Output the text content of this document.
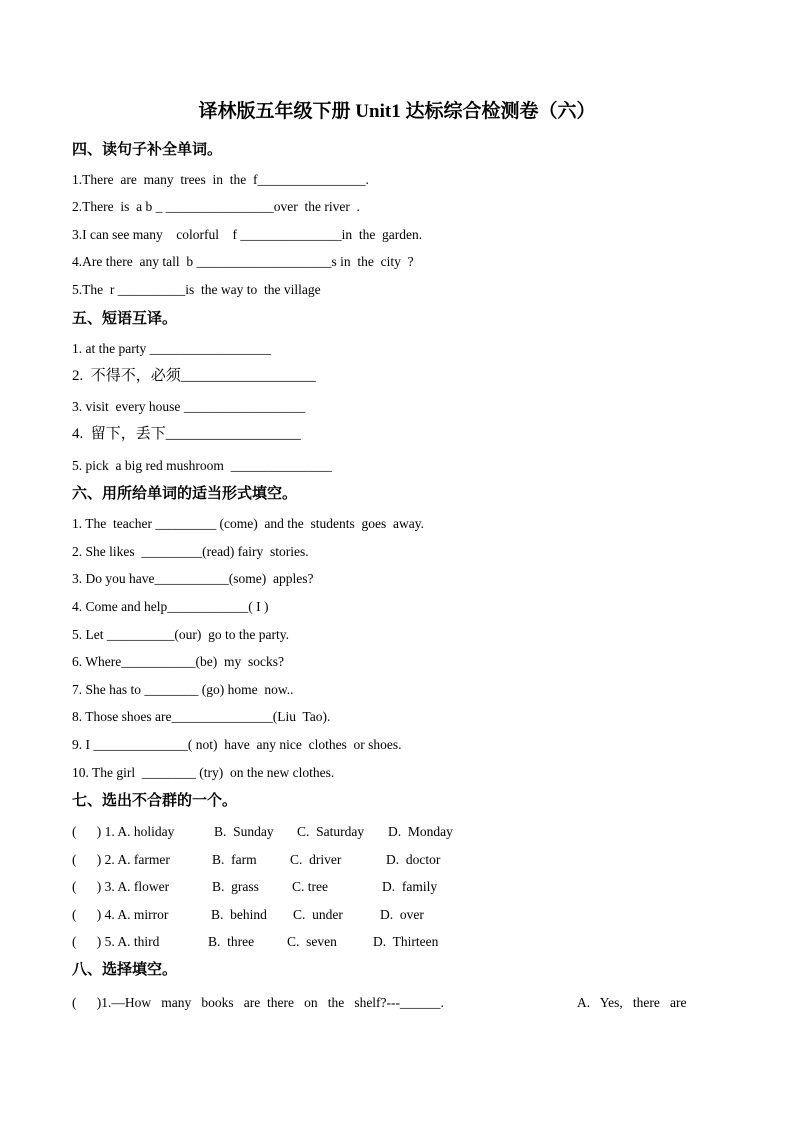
译林版五年级下册 Unit1 达标综合检测卷（六）
四、读句子补全单词。
1.There  are  many  trees  in  the  f________________.
2.There  is  a b _ ________________over  the river  .
3.I can see many    colorful    f _______________in  the  garden.
4.Are there  any tall  b ____________________s in  the  city  ?
5.The  r __________is  the way to  the village
五、短语互译。
1. at the party __________________
2.  不得不，必须__________________
3. visit  every house __________________
4.  留下，丢下__________________
5. pick  a big red mushroom  _______________
六、用所给单词的适当形式填空。
1. The  teacher _________ (come)  and the  students  goes  away.
2. She likes  _________(read) fairy  stories.
3. Do you have___________(some)  apples?
4. Come and help____________( I )
5. Let __________(our)  go to the party.
6. Where___________(be)  my  socks?
7. She has to ________ (go) home  now..
8. Those shoes are_______________(Liu  Tao).
9. I ______________( not)  have  any nice  clothes  or shoes.
10. The girl  ________ (try)  on the new clothes.
七、选出不合群的一个。
(      ) 1. A. holiday	B.  Sunday C.  Saturday D.  Monday
(      ) 2. A. farmer	B.  farm C.  driver	D.  doctor
(      ) 3. A. flower	B.  grass C. tree	D.  family
(      ) 4. A. mirror	B.  behind C.  under	D.  over
(      ) 5. A. third	B.  three C.  seven	D.  Thirteen
八、选择填空。
(      )1.—How   many   books   are  there   on   the   shelf?---______.	A.   Yes,   there   are
